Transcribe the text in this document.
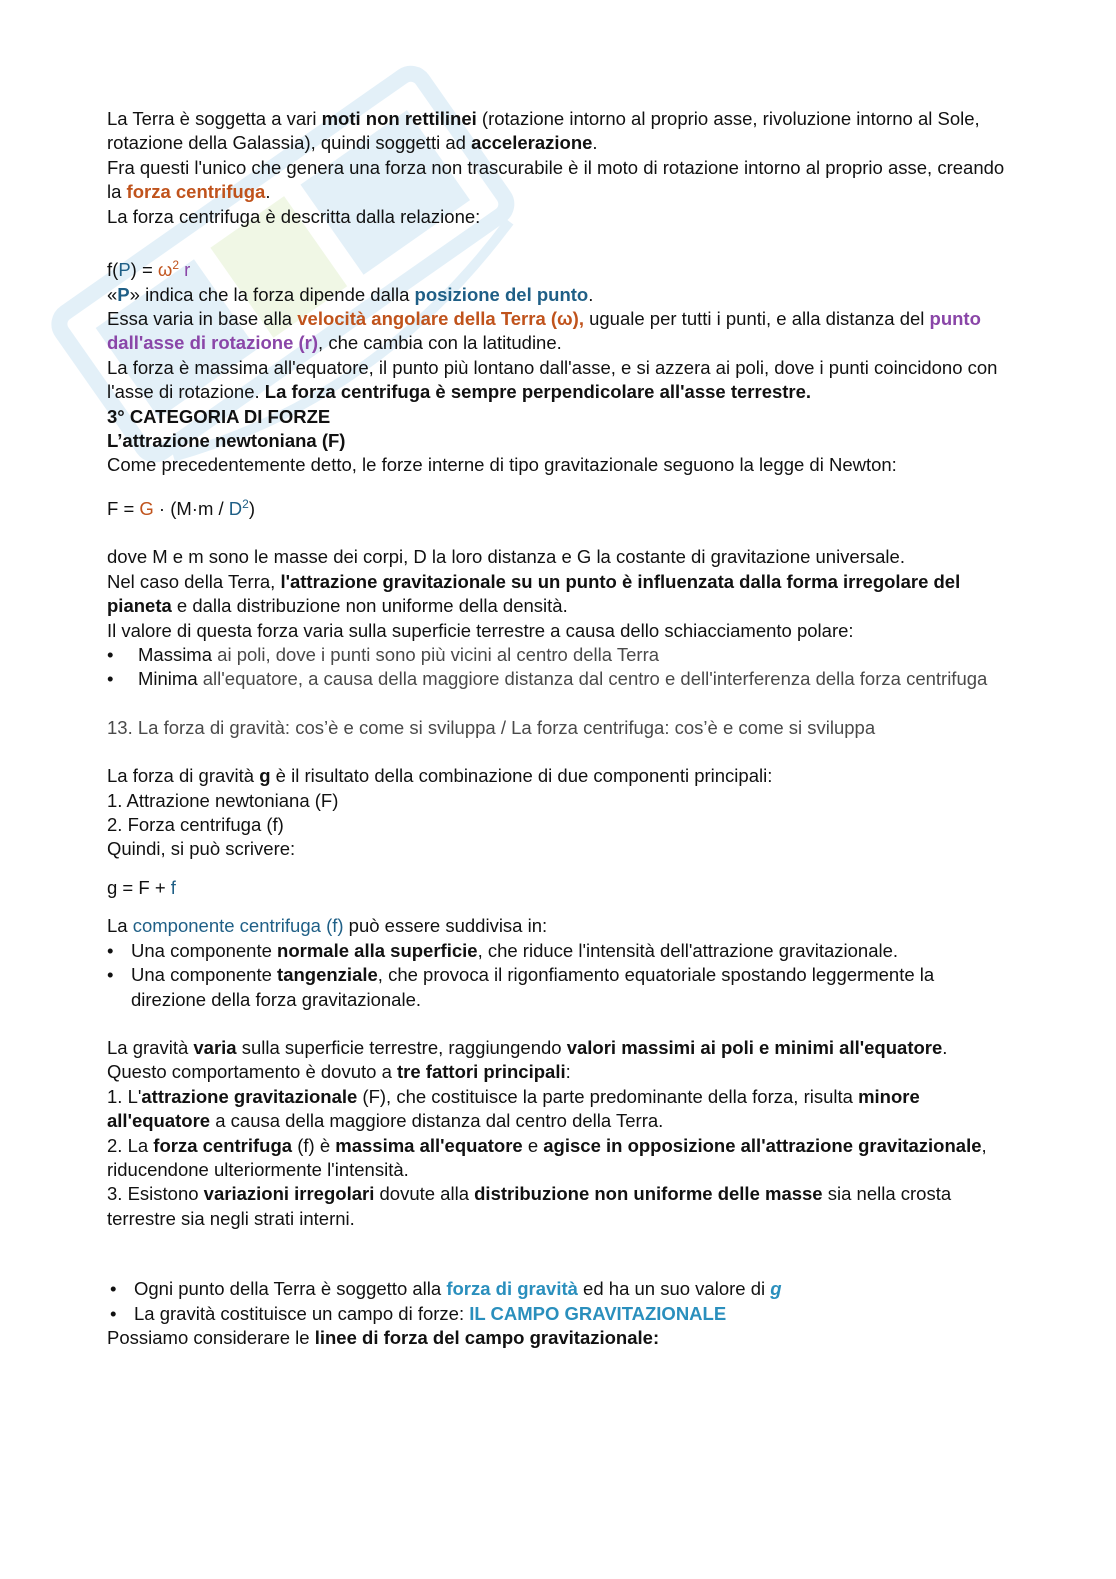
La Terra è soggetta a vari moti non rettilinei (rotazione intorno al proprio asse, rivoluzione intorno al Sole, rotazione della Galassia), quindi soggetti ad accelerazione.

Fra questi l'unico che genera una forza non trascurabile è il moto di rotazione intorno al proprio asse, creando la forza centrifuga.

La forza centrifuga è descritta dalla relazione:

$f(P) = \omega^2$ r

«P» indica che la forza dipende dalla posizione del punto.

Essa varia in base alla velocità angolare della Terra (ω), uguale per tutti i punti, e alla distanza del punto dall'asse di rotazione (r), che cambia con la latitudine.

La forza è massima all'equatore, il punto più lontano dall'asse, e si azzera ai poli, dove i punti coincidono con l'asse di rotazione. La forza centrifuga è sempre perpendicolare all'asse terrestre.

3° CATEGORIA DI FORZE

L’attrazione newtoniana (F)

Come precedentemente detto, le forze interne di tipo gravitazionale seguono la legge di Newton:

$F = G \cdot (M\cdot m / D^2)$

dove M e m sono le masse dei corpi, D la loro distanza e G la costante di gravitazione universale.

Nel caso della Terra, l'attrazione gravitazionale su un punto è influenzata dalla forma irregolare del pianeta e dalla distribuzione non uniforme della densità.

Il valore di questa forza varia sulla superficie terrestre a causa dello schiacciamento polare:

• Massima ai poli, dove i punti sono più vicini al centro della Terra
• Minima all'equatore, a causa della maggiore distanza dal centro e dell'interferenza della forza centrifuga

13. La forza di gravità: cos’è e come si sviluppa / La forza centrifuga: cos’è e come si sviluppa

La forza di gravità g è il risultato della combinazione di due componenti principali:

1. Attrazione newtoniana (F)

2. Forza centrifuga (f)

Quindi, si può scrivere:

g = F + f

La componente centrifuga (f) può essere suddivisa in:

• Una componente normale alla superficie, che riduce l'intensità dell'attrazione gravitazionale.
• Una componente tangenziale, che provoca il rigonfiamento equatoriale spostando leggermente la direzione della forza gravitazionale.

La gravità varia sulla superficie terrestre, raggiungendo valori massimi ai poli e minimi all'equatore.

Questo comportamento è dovuto a tre fattori principali:

1. L'attrazione gravitazionale (F), che costituisce la parte predominante della forza, risulta minore all'equatore a causa della maggiore distanza dal centro della Terra.

2. La forza centrifuga (f) è massima all'equatore e agisce in opposizione all'attrazione gravitazionale, riducendone ulteriormente l'intensità.

3. Esistono variazioni irregolari dovute alla distribuzione non uniforme delle masse sia nella crosta terrestre sia negli strati interni.

• Ogni punto della Terra è soggetto alla forza di gravità ed ha un suo valore di g
• La gravità costituisce un campo di forze: IL CAMPO GRAVITAZIONALE

Possiamo considerare le linee di forza del campo gravitazionale:
